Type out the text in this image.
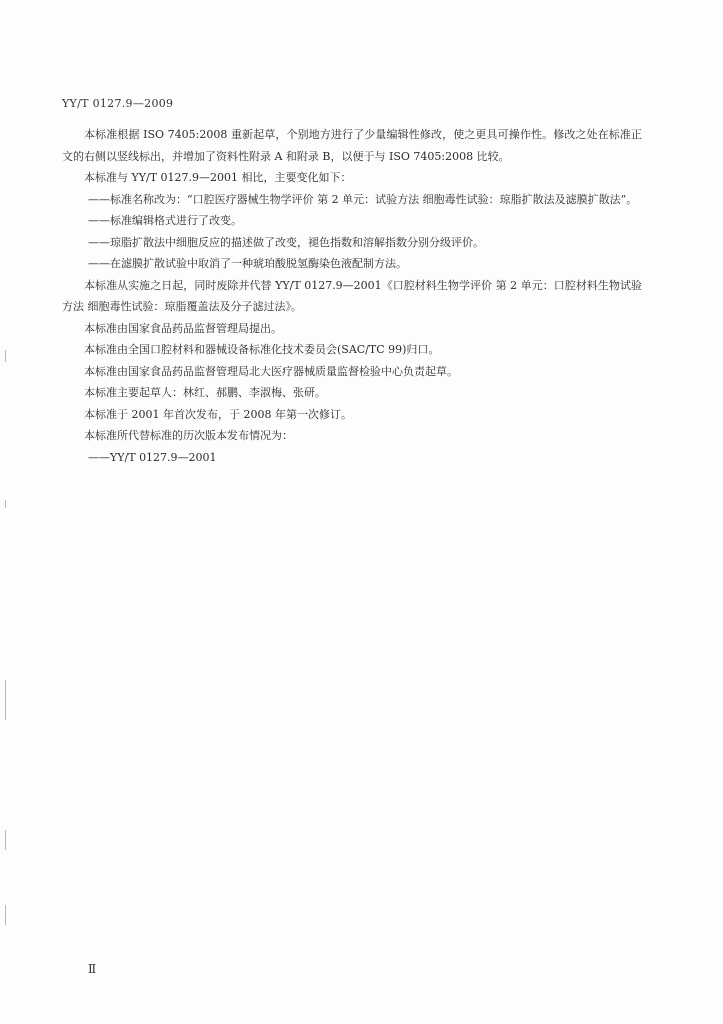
YY/T 0127.9—2009

本标准根据 ISO 7405:2008 重新起草，个别地方进行了少量编辑性修改，使之更具可操作性。修改之处在标准正文的右侧以竖线标出，并增加了资料性附录 A 和附录 B，以便于与 ISO 7405:2008 比较。

本标准与 YY/T 0127.9—2001 相比，主要变化如下：

——标准名称改为：“口腔医疗器械生物学评价 第 2 单元：试验方法 细胞毒性试验：琼脂扩散法及滤膜扩散法”。

——标准编辑格式进行了改变。

——琼脂扩散法中细胞反应的描述做了改变，褪色指数和溶解指数分别分级评价。

——在滤膜扩散试验中取消了一种琥珀酸脱氢酶染色液配制方法。

本标准从实施之日起，同时废除并代替 YY/T 0127.9—2001《口腔材料生物学评价 第 2 单元：口腔材料生物试验方法 细胞毒性试验：琼脂覆盖法及分子滤过法》。

本标准由国家食品药品监督管理局提出。

本标准由全国口腔材料和器械设备标准化技术委员会(SAC/TC 99)归口。

本标准由国家食品药品监督管理局北大医疗器械质量监督检验中心负责起草。

本标准主要起草人：林红、郝鹏、李淑梅、张研。

本标准于 2001 年首次发布，于 2008 年第一次修订。

本标准所代替标准的历次版本发布情况为：

——YY/T 0127.9—2001

Ⅱ
